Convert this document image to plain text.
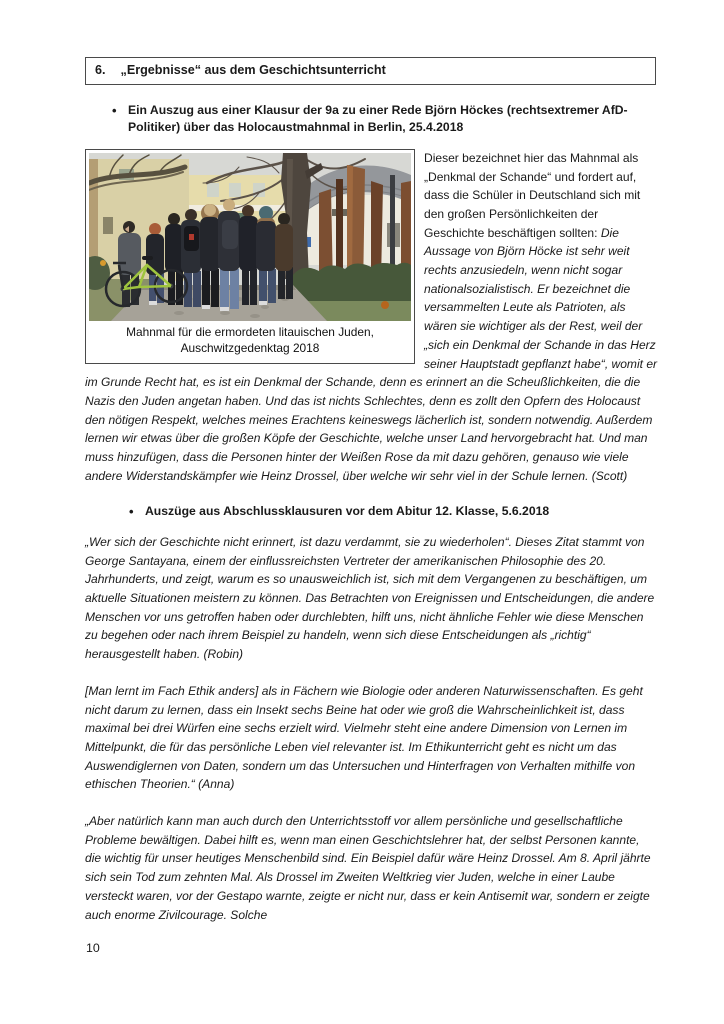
6. „Ergebnisse“ aus dem Geschichtsunterricht
• Ein Auszug aus einer Klausur der 9a zu einer Rede Björn Höckes (rechtsextremer AfD-Politiker) über das Holocaustmahnmal in Berlin, 25.4.2018
Mahnmal für die ermordeten litauischen Juden, Auschwitzgedenktag 2018

Dieser bezeichnet hier das Mahnmal als „Denkmal der Schande“ und fordert auf, dass die Schüler in Deutschland sich mit den großen Persönlichkeiten der Geschichte beschäftigen sollten: Die Aussage von Björn Höcke ist sehr weit rechts anzusiedeln, wenn nicht sogar nationalsozialistisch. Er bezeichnet die versammelten Leute als Patrioten, als wären sie wichtiger als der Rest, weil der „sich ein Denkmal der Schande in das Herz seiner Hauptstadt gepflanzt habe“, womit er im Grunde Recht hat, es ist ein Denkmal der Schande, denn es erinnert an die Scheußlichkeiten, die die Nazis den Juden angetan haben. Und das ist nichts Schlechtes, denn es zollt den Opfern des Holocaust den nötigen Respekt, welches meines Erachtens keineswegs lächerlich ist, sondern notwendig. Außerdem lernen wir etwas über die großen Köpfe der Geschichte, welche unser Land hervorgebracht hat. Und man muss hinzufügen, dass die Personen hinter der Weißen Rose da mit dazu gehören, genauso wie viele andere Widerstandskämpfer wie Heinz Drossel, über welche wir sehr viel in der Schule lernen. (Scott)

• Auszüge aus Abschlussklausuren vor dem Abitur 12. Klasse, 5.6.2018

„Wer sich der Geschichte nicht erinnert, ist dazu verdammt, sie zu wiederholen“. Dieses Zitat stammt von George Santayana, einem der einflussreichsten Vertreter der amerikanischen Philosophie des 20. Jahrhunderts, und zeigt, warum es so unausweichlich ist, sich mit dem Vergangenen zu beschäftigen, um aktuelle Situationen meistern zu können. Das Betrachten von Ereignissen und Entscheidungen, die andere Menschen vor uns getroffen haben oder durchlebten, hilft uns, nicht ähnliche Fehler wie diese Menschen zu begehen oder nach ihrem Beispiel zu handeln, wenn sich diese Entscheidungen als „richtig“ herausgestellt haben. (Robin)

[Man lernt im Fach Ethik anders] als in Fächern wie Biologie oder anderen Naturwissenschaften. Es geht nicht darum zu lernen, dass ein Insekt sechs Beine hat oder wie groß die Wahrscheinlichkeit ist, dass maximal bei drei Würfen eine sechs erzielt wird. Vielmehr steht eine andere Dimension von Lernen im Mittelpunkt, die für das persönliche Leben viel relevanter ist. Im Ethikunterricht geht es nicht um das Auswendiglernen von Daten, sondern um das Untersuchen und Hinterfragen von Verhalten mithilfe von ethischen Theorien.“ (Anna)

„Aber natürlich kann man auch durch den Unterrichtsstoff vor allem persönliche und gesellschaftliche Probleme bewältigen. Dabei hilft es, wenn man einen Geschichtslehrer hat, der selbst Personen kannte, die wichtig für unser heutiges Menschenbild sind. Ein Beispiel dafür wäre Heinz Drossel. Am 8. April jährte sich sein Tod zum zehnten Mal. Als Drossel im Zweiten Weltkrieg vier Juden, welche in einer Laube versteckt waren, vor der Gestapo warnte, zeigte er nicht nur, dass er kein Antisemit war, sondern er zeigte auch enorme Zivilcourage. Solche

10
